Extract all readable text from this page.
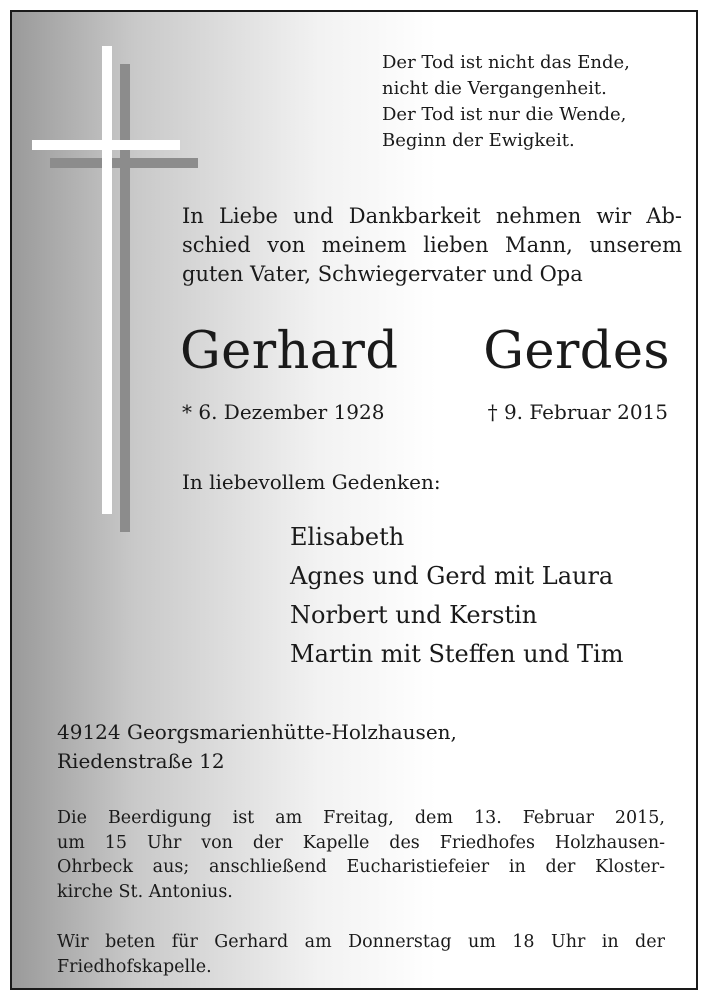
Der Tod ist nicht das Ende,
nicht die Vergangenheit.
Der Tod ist nur die Wende,
Beginn der Ewigkeit.
In Liebe und Dankbarkeit nehmen wir Ab-
schied von meinem lieben Mann, unserem
guten Vater, Schwiegervater und Opa
Gerhard Gerdes
* 6. Dezember 1928	† 9. Februar 2015
In liebevollem Gedenken:
Elisabeth
Agnes und Gerd mit Laura
Norbert und Kerstin
Martin mit Steffen und Tim
49124 Georgsmarienhütte-Holzhausen,
Riedenstraße 12
Die Beerdigung ist am Freitag, dem 13. Februar 2015,
um 15 Uhr von der Kapelle des Friedhofes Holzhausen-
Ohrbeck aus; anschließend Eucharistiefeier in der Kloster-
kirche St. Antonius.
Wir beten für Gerhard am Donnerstag um 18 Uhr in der
Friedhofskapelle.
